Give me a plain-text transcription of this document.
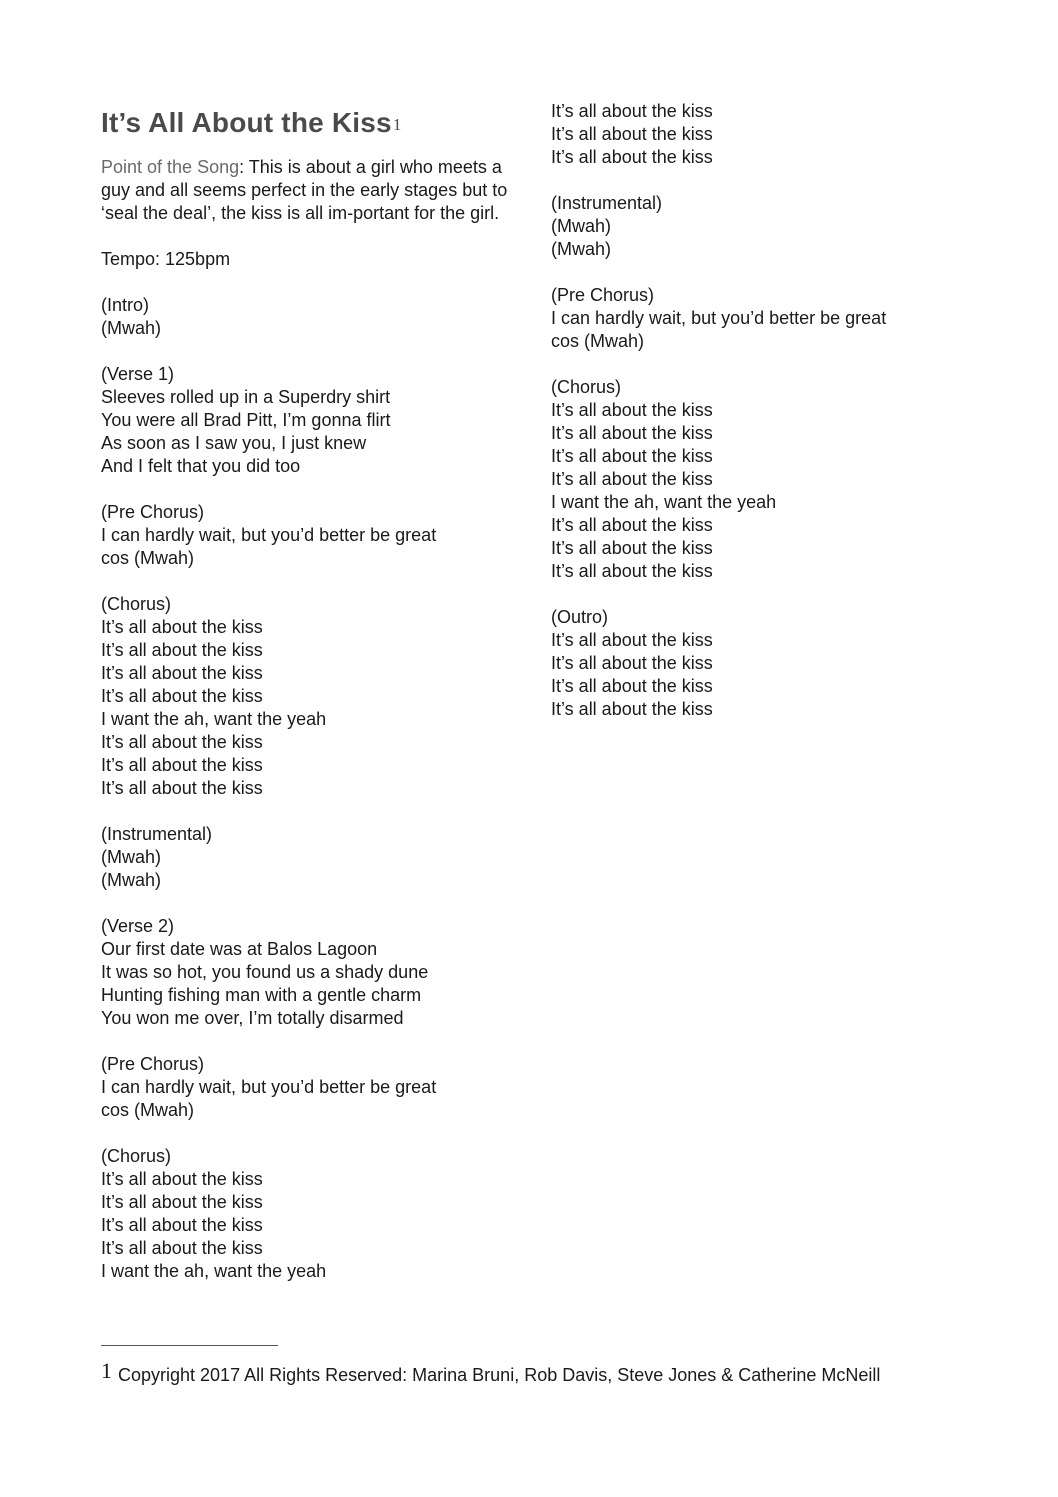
It’s All About the Kiss$^1$
Point of the Song: This is about a girl who meets a guy and all seems perfect in the early stages but to ‘seal the deal’, the kiss is all im-portant for the girl.
Tempo: 125bpm
(Intro)
(Mwah)
(Verse 1)
Sleeves rolled up in a Superdry shirt
You were all Brad Pitt, I’m gonna flirt
As soon as I saw you, I just knew
And I felt that you did too
(Pre Chorus)
I can hardly wait, but you’d better be great
cos (Mwah)
(Chorus)
It’s all about the kiss
It’s all about the kiss
It’s all about the kiss
It’s all about the kiss
I want the ah, want the yeah
It’s all about the kiss
It’s all about the kiss
It’s all about the kiss
(Instrumental)
(Mwah)
(Mwah)
(Verse 2)
Our first date was at Balos Lagoon
It was so hot, you found us a shady dune
Hunting fishing man with a gentle charm
You won me over, I’m totally disarmed
(Pre Chorus)
I can hardly wait, but you’d better be great
cos (Mwah)
(Chorus)
It’s all about the kiss
It’s all about the kiss
It’s all about the kiss
It’s all about the kiss
I want the ah, want the yeah
It’s all about the kiss
It’s all about the kiss
It’s all about the kiss
(Instrumental)
(Mwah)
(Mwah)
(Pre Chorus)
I can hardly wait, but you’d better be great
cos (Mwah)
(Chorus)
It’s all about the kiss
It’s all about the kiss
It’s all about the kiss
It’s all about the kiss
I want the ah, want the yeah
It’s all about the kiss
It’s all about the kiss
It’s all about the kiss
(Outro)
It’s all about the kiss
It’s all about the kiss
It’s all about the kiss
It’s all about the kiss
1 Copyright 2017 All Rights Reserved: Marina Bruni, Rob Davis, Steve Jones & Catherine McNeill
